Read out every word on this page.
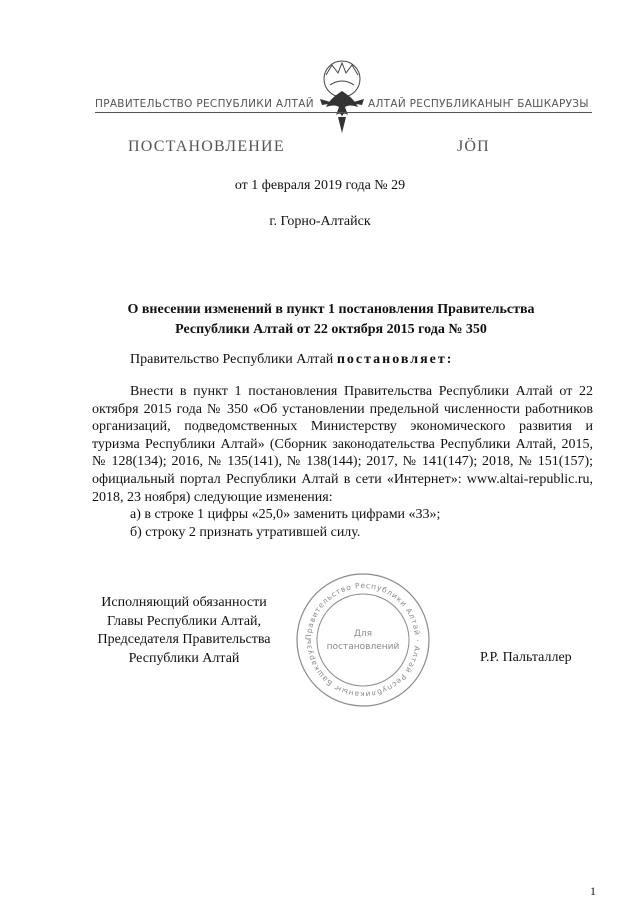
ПРАВИТЕЛЬСТВО РЕСПУБЛИКИ АЛТАЙ	АЛТАЙ РЕСПУБЛИКАНЫҤ БАШКАРУЗЫ
ПОСТАНОВЛЕНИЕ	JÖП
от 1 февраля 2019 года № 29
г. Горно-Алтайск
О внесении изменений в пункт 1 постановления Правительства
Республики Алтай от 22 октября 2015 года № 350
Правительство Республики Алтай постановляет:

Внести в пункт 1 постановления Правительства Республики Алтай от 22 октября 2015 года № 350 «Об установлении предельной численности работников организаций, подведомственных Министерству экономического развития и туризма Республики Алтай» (Сборник законодательства Республики Алтай, 2015, № 128(134); 2016, № 135(141), № 138(144); 2017, № 141(147); 2018, № 151(157); официальный портал Республики Алтай в сети «Интернет»: www.altai-republic.ru, 2018, 23 ноября) следующие изменения:

а) в строке 1 цифры «25,0» заменить цифрами «33»;

б) строку 2 признать утратившей силу.

Исполняющий обязанности
Главы Республики Алтай,
Председателя Правительства
Республики Алтай
Правительство Республики Алтай · Алтай Республиканыҥ Башкарузы
Для
постановлений
Р.Р. Пальталлер
1
